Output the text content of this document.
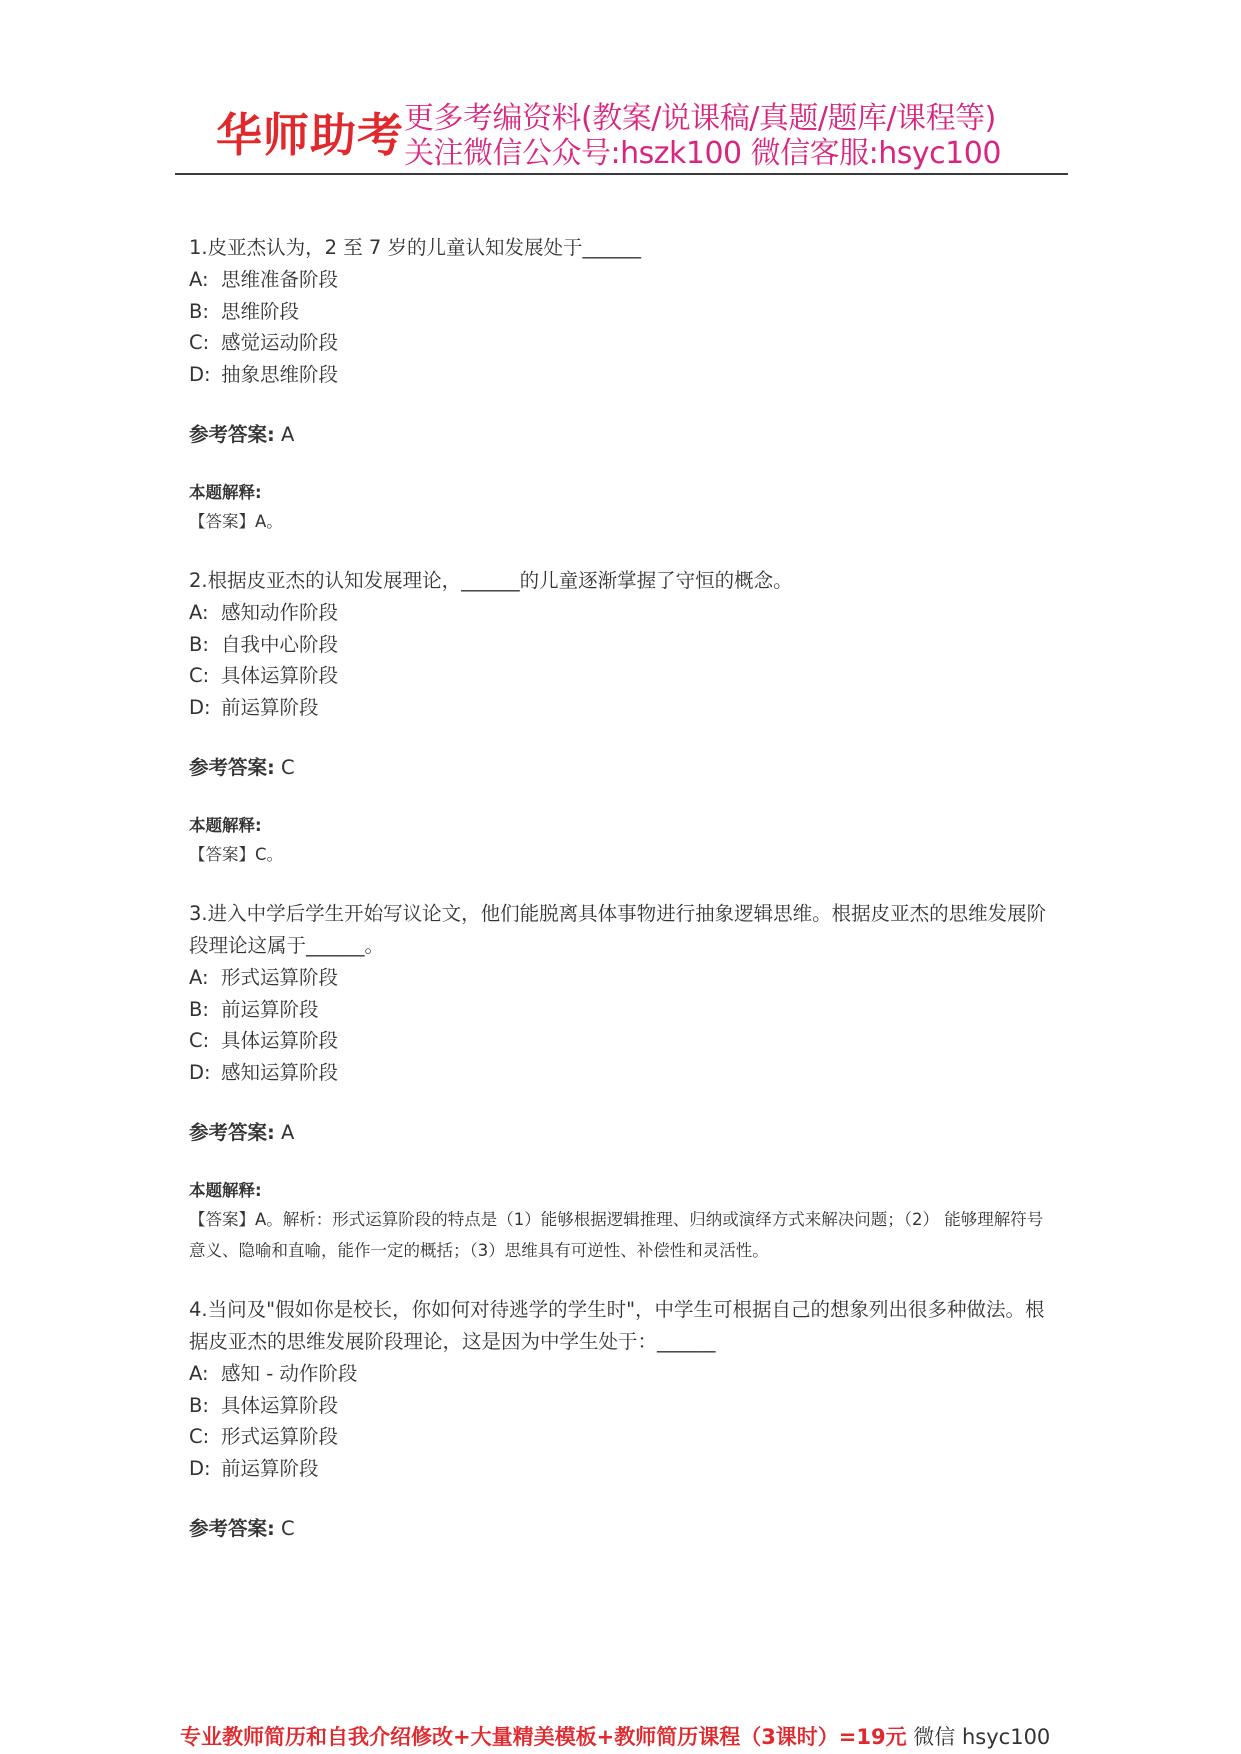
华师助考 更多考编资料(教案/说课稿/真题/题库/课程等)
关注微信公众号:hszk100 微信客服:hsyc100
1.皮亚杰认为，2 至 7 岁的儿童认知发展处于______
A: 思维准备阶段
B: 思维阶段
C: 感觉运动阶段
D: 抽象思维阶段
参考答案: A
本题解释:
【答案】A。
2.根据皮亚杰的认知发展理论，______的儿童逐渐掌握了守恒的概念。
A: 感知动作阶段
B: 自我中心阶段
C: 具体运算阶段
D: 前运算阶段
参考答案: C
本题解释:
【答案】C。
3.进入中学后学生开始写议论文，他们能脱离具体事物进行抽象逻辑思维。根据皮亚杰的思维发展阶段理论这属于______。
A: 形式运算阶段
B: 前运算阶段
C: 具体运算阶段
D: 感知运算阶段
参考答案: A
本题解释:
【答案】A。解析：形式运算阶段的特点是（1）能够根据逻辑推理、归纳或演绎方式来解决问题；（2） 能够理解符号意义、隐喻和直喻，能作一定的概括；（3）思维具有可逆性、补偿性和灵活性。
4.当问及"假如你是校长，你如何对待逃学的学生时"，中学生可根据自己的想象列出很多种做法。根据皮亚杰的思维发展阶段理论，这是因为中学生处于：______
A: 感知 - 动作阶段
B: 具体运算阶段
C: 形式运算阶段
D: 前运算阶段
参考答案: C
专业教师简历和自我介绍修改+大量精美模板+教师简历课程（3课时）=19元 微信 hsyc100
